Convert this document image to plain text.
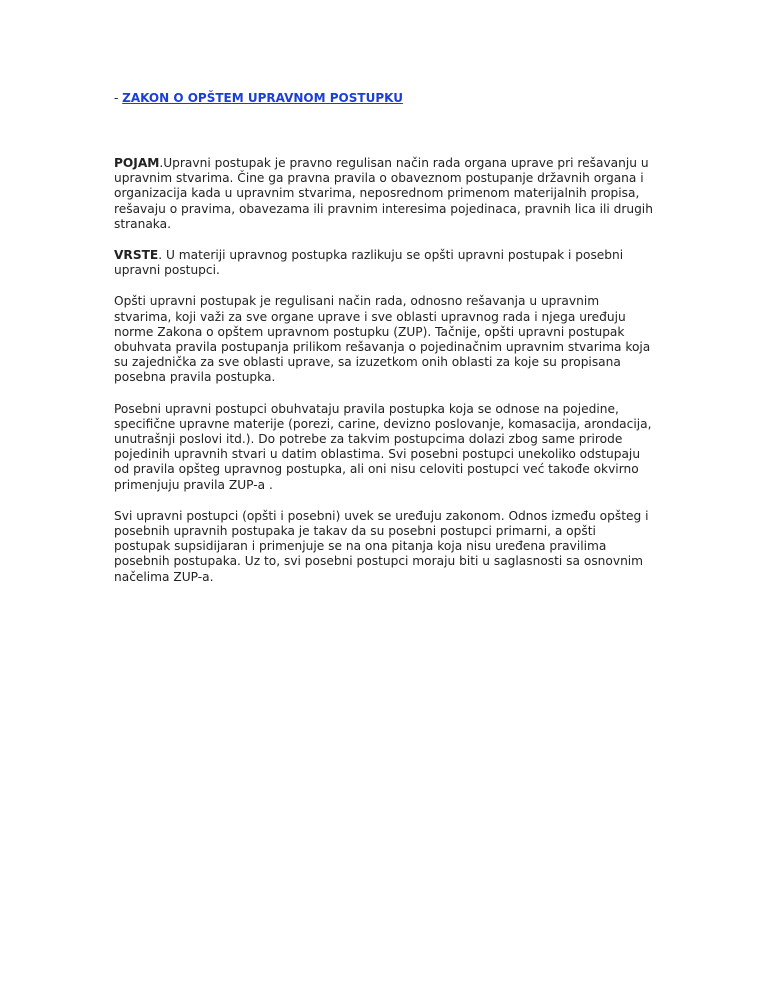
- ZAKON O OPŠTEM UPRAVNOM POSTUPKU

POJAM.Upravni postupak je pravno regulisan način rada organa uprave pri rešavanju u upravnim stvarima. Čine ga pravna pravila o obaveznom postupanje državnih organa i organizacija kada u upravnim stvarima, neposrednom primenom materijalnih propisa, rešavaju o pravima, obavezama ili pravnim interesima pojedinaca, pravnih lica ili drugih stranaka.

VRSTE. U materiji upravnog postupka razlikuju se opšti upravni postupak i posebni upravni postupci.

Opšti upravni postupak je regulisani način rada, odnosno rešavanja u upravnim stvarima, koji važi za sve organe uprave i sve oblasti upravnog rada i njega uređuju norme Zakona o opštem upravnom postupku (ZUP). Tačnije, opšti upravni postupak obuhvata pravila postupanja prilikom rešavanja o pojedinačnim upravnim stvarima koja su zajednička za sve oblasti uprave, sa izuzetkom onih oblasti za koje su propisana posebna pravila postupka.

Posebni upravni postupci obuhvataju pravila postupka koja se odnose na pojedine, specifične upravne materije (porezi, carine, devizno poslovanje, komasacija, arondacija, unutrašnji poslovi itd.). Do potrebe za takvim postupcima dolazi zbog same prirode pojedinih upravnih stvari u datim oblastima. Svi posebni postupci unekoliko odstupaju od pravila opšteg upravnog postupka, ali oni nisu celoviti postupci već takođe okvirno primenjuju pravila ZUP-a .

Svi upravni postupci (opšti i posebni) uvek se uređuju zakonom. Odnos između opšteg i posebnih upravnih postupaka je takav da su posebni postupci primarni, a opšti postupak supsidijaran i primenjuje se na ona pitanja koja nisu uređena pravilima posebnih postupaka. Uz to, svi posebni postupci moraju biti u saglasnosti sa osnovnim načelima ZUP-a.
